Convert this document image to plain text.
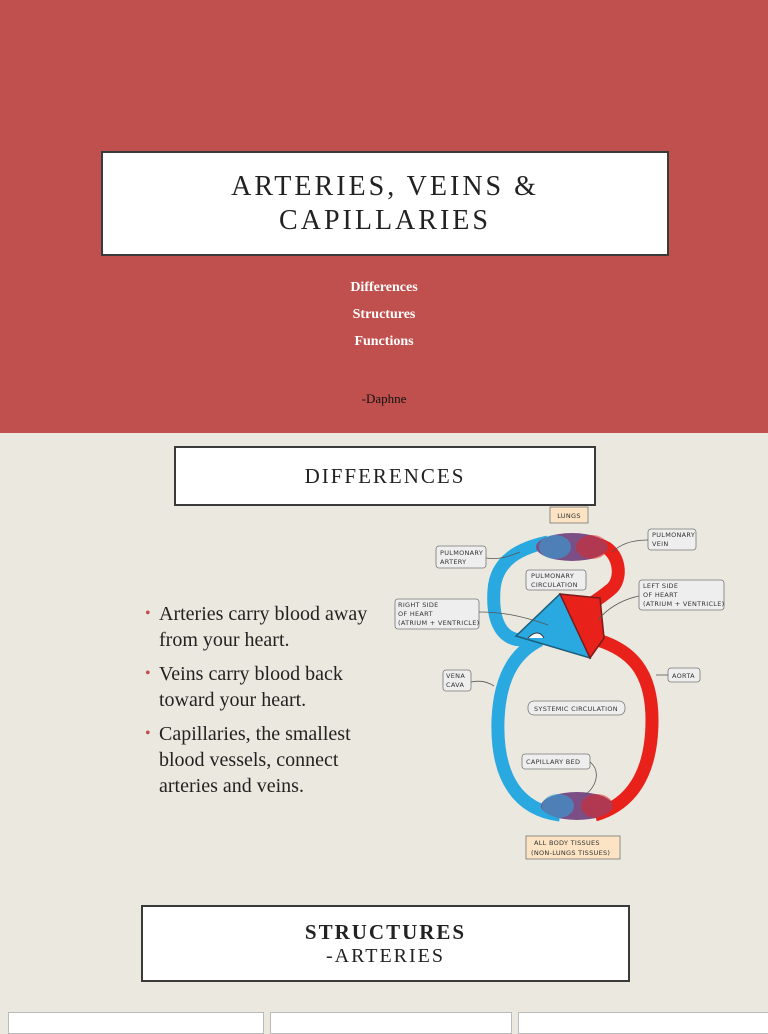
ARTERIES, VEINS &
CAPILLARIES
Differences
Structures
Functions
-Daphne
DIFFERENCES
• Arteries carry blood away from your heart.
• Veins carry blood back toward your heart.
• Capillaries, the smallest blood vessels, connect arteries and veins.
LUNGS
PULMONARY
ARTERY
PULMONARY
VEIN
PULMONARY
CIRCULATION
RIGHT SIDE
OF HEART
(ATRIUM + VENTRICLE)
LEFT SIDE
OF HEART
(ATRIUM + VENTRICLE)
VENA
CAVA
AORTA
SYSTEMIC CIRCULATION
CAPILLARY BED
ALL BODY TISSUES
(NON-LUNGS TISSUES)
STRUCTURES
-ARTERIES
